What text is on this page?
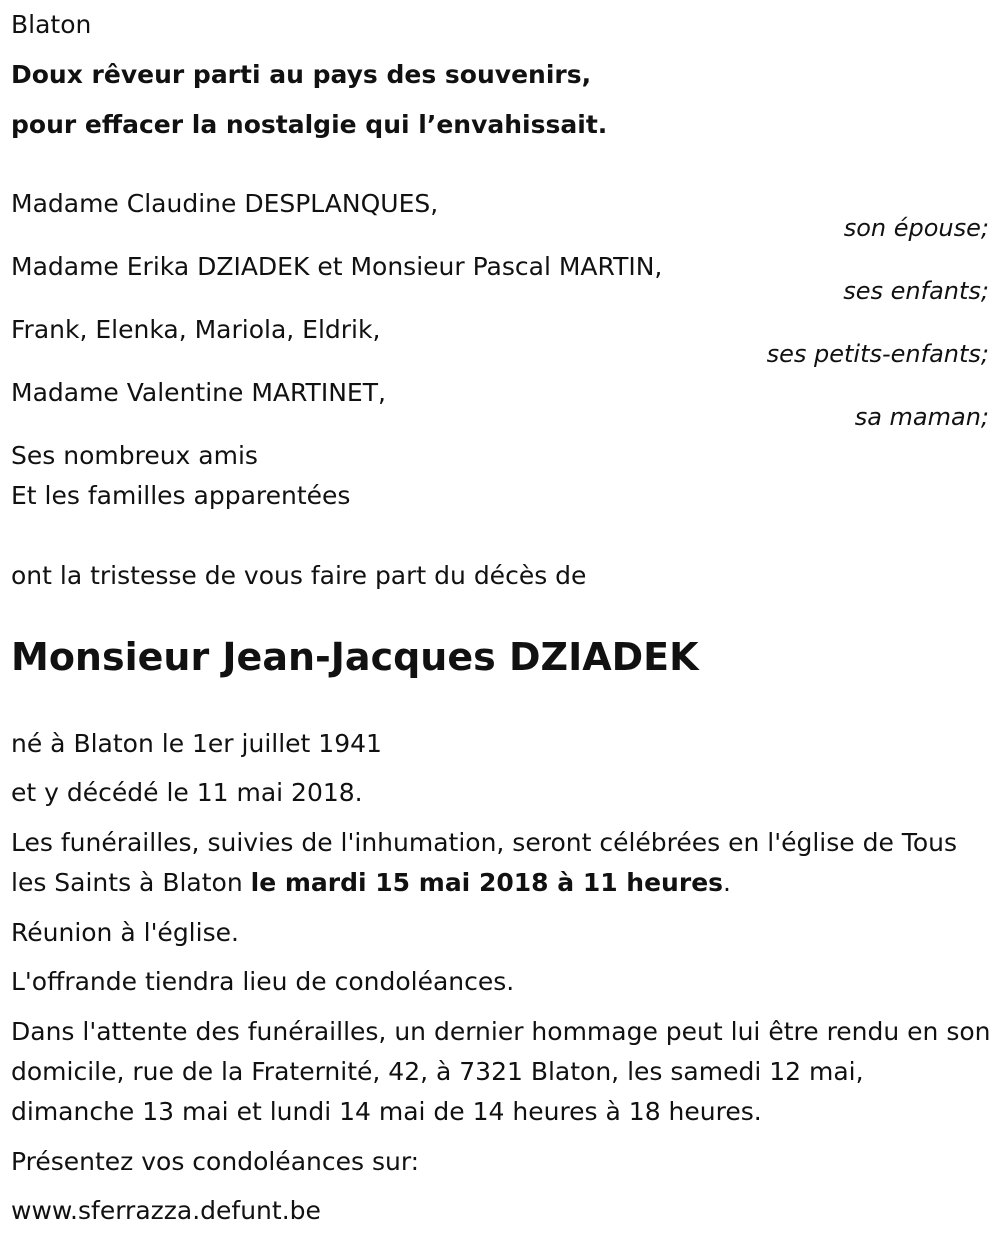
Blaton
Doux rêveur parti au pays des souvenirs,
pour effacer la nostalgie qui l’envahissait.
Madame Claudine DESPLANQUES,
son épouse;
Madame Erika DZIADEK et Monsieur Pascal MARTIN,
ses enfants;
Frank, Elenka, Mariola, Eldrik,
ses petits-enfants;
Madame Valentine MARTINET,
sa maman;
Ses nombreux amis
Et les familles apparentées
ont la tristesse de vous faire part du décès de
Monsieur Jean-Jacques DZIADEK
né à Blaton le 1er juillet 1941
et y décédé le 11 mai 2018.
Les funérailles, suivies de l'inhumation, seront célébrées en l'église de Tous les Saints à Blaton le mardi 15 mai 2018 à 11 heures.
Réunion à l'église.
L'offrande tiendra lieu de condoléances.
Dans l'attente des funérailles, un dernier hommage peut lui être rendu en son domicile, rue de la Fraternité, 42, à 7321 Blaton, les samedi 12 mai, dimanche 13 mai et lundi 14 mai de 14 heures à 18 heures.
Présentez vos condoléances sur:
www.sferrazza.defunt.be
